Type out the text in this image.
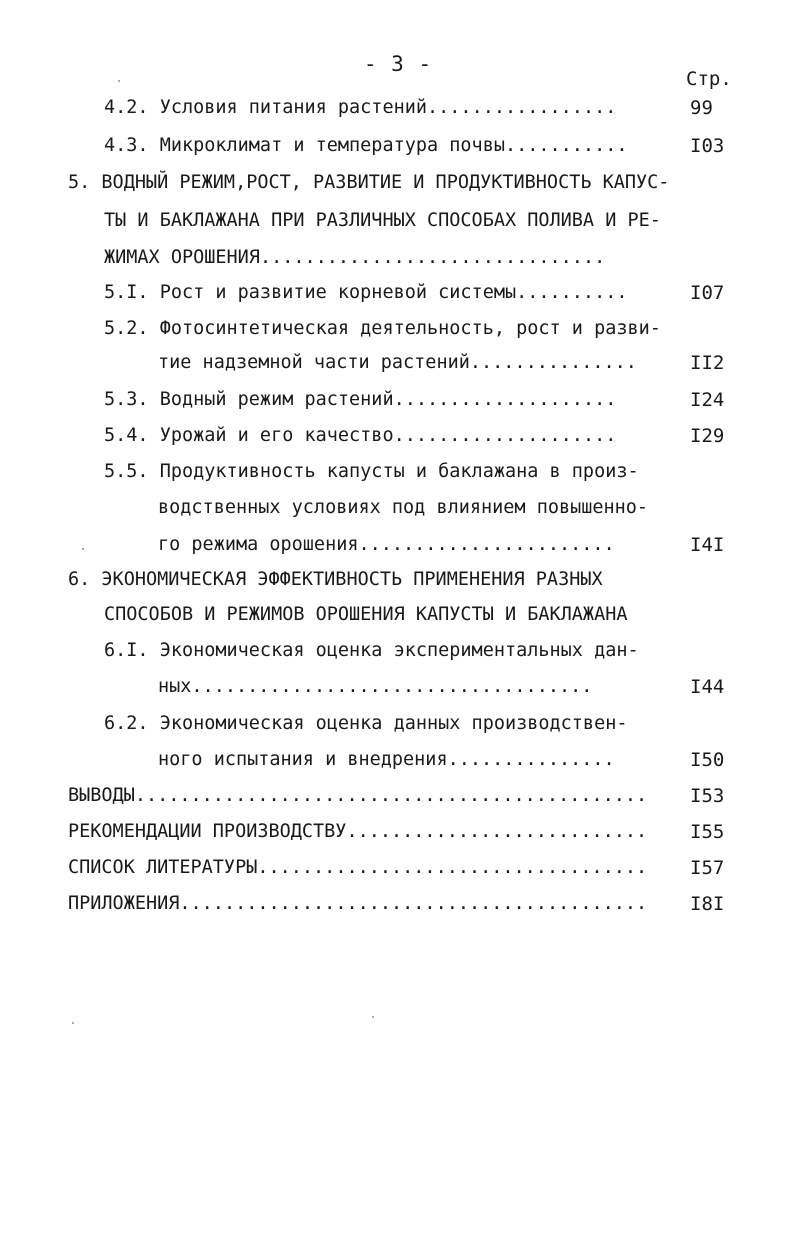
- 3 -
Стр.
4.2. Условия питания растений.................	99
4.3. Микроклимат и температура почвы...........	I03
5. ВОДНЫЙ РЕЖИМ,РОСТ, РАЗВИТИЕ И ПРОДУКТИВНОСТЬ КАПУС-
ТЫ И БАКЛАЖАНА ПРИ РАЗЛИЧНЫХ СПОСОБАХ ПОЛИВА И РЕ-
ЖИМАХ ОРОШЕНИЯ...............................
5.I. Рост и развитие корневой системы..........	I07
5.2. Фотосинтетическая деятельность, рост и разви-
тие надземной части растений...............	II2
5.3. Водный режим растений....................	I24
5.4. Урожай и его качество....................	I29
5.5. Продуктивность капусты и баклажана в произ-
водственных условиях под влиянием повышенно-
го режима орошения.......................	I4I
6. ЭКОНОМИЧЕСКАЯ ЭФФЕКТИВНОСТЬ ПРИМЕНЕНИЯ РАЗНЫХ
СПОСОБОВ И РЕЖИМОВ ОРОШЕНИЯ КАПУСТЫ И БАКЛАЖАНА
6.I. Экономическая оценка экспериментальных дан-
ных....................................	I44
6.2. Экономическая оценка данных производствен-
ного испытания и внедрения...............	I50
ВЫВОДЫ.............................................. I53
РЕКОМЕНДАЦИИ ПРОИЗВОДСТВУ........................... I55
СПИСОК ЛИТЕРАТУРЫ................................... I57
ПРИЛОЖЕНИЯ.......................................... I8I
